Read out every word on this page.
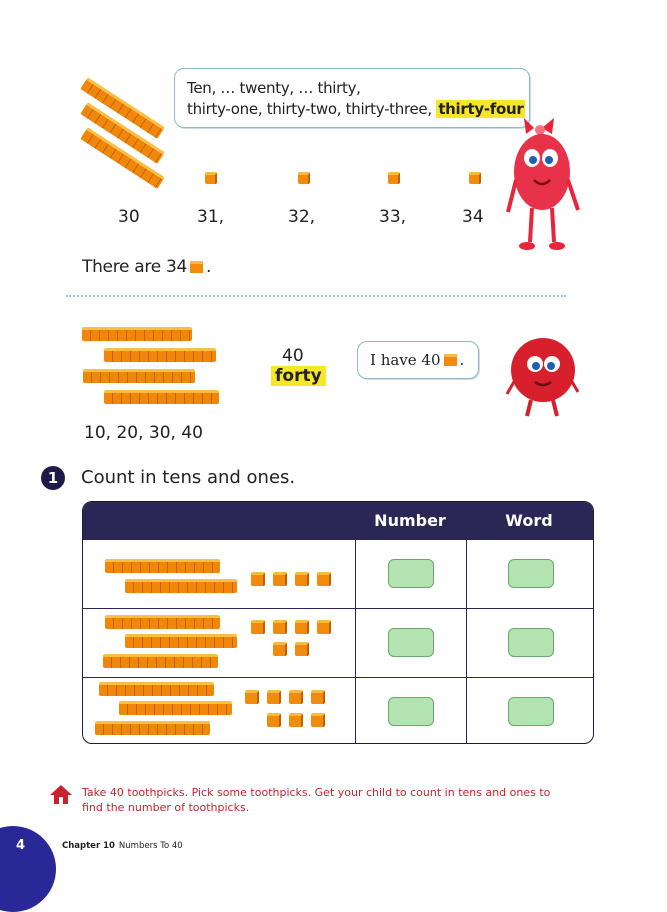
Ten, … twenty, … thirty,
thirty-one, thirty-two, thirty-three, thirty-four
30	31,	32,	33,	34
There are 34 .
10, 20, 30, 40
40
forty
I have 40 .
1	Count in tens and ones.
Number	Word
Take 40 toothpicks. Pick some toothpicks. Get your child to count in tens and ones to find the number of toothpicks.
4	Chapter 10 Numbers To 40
